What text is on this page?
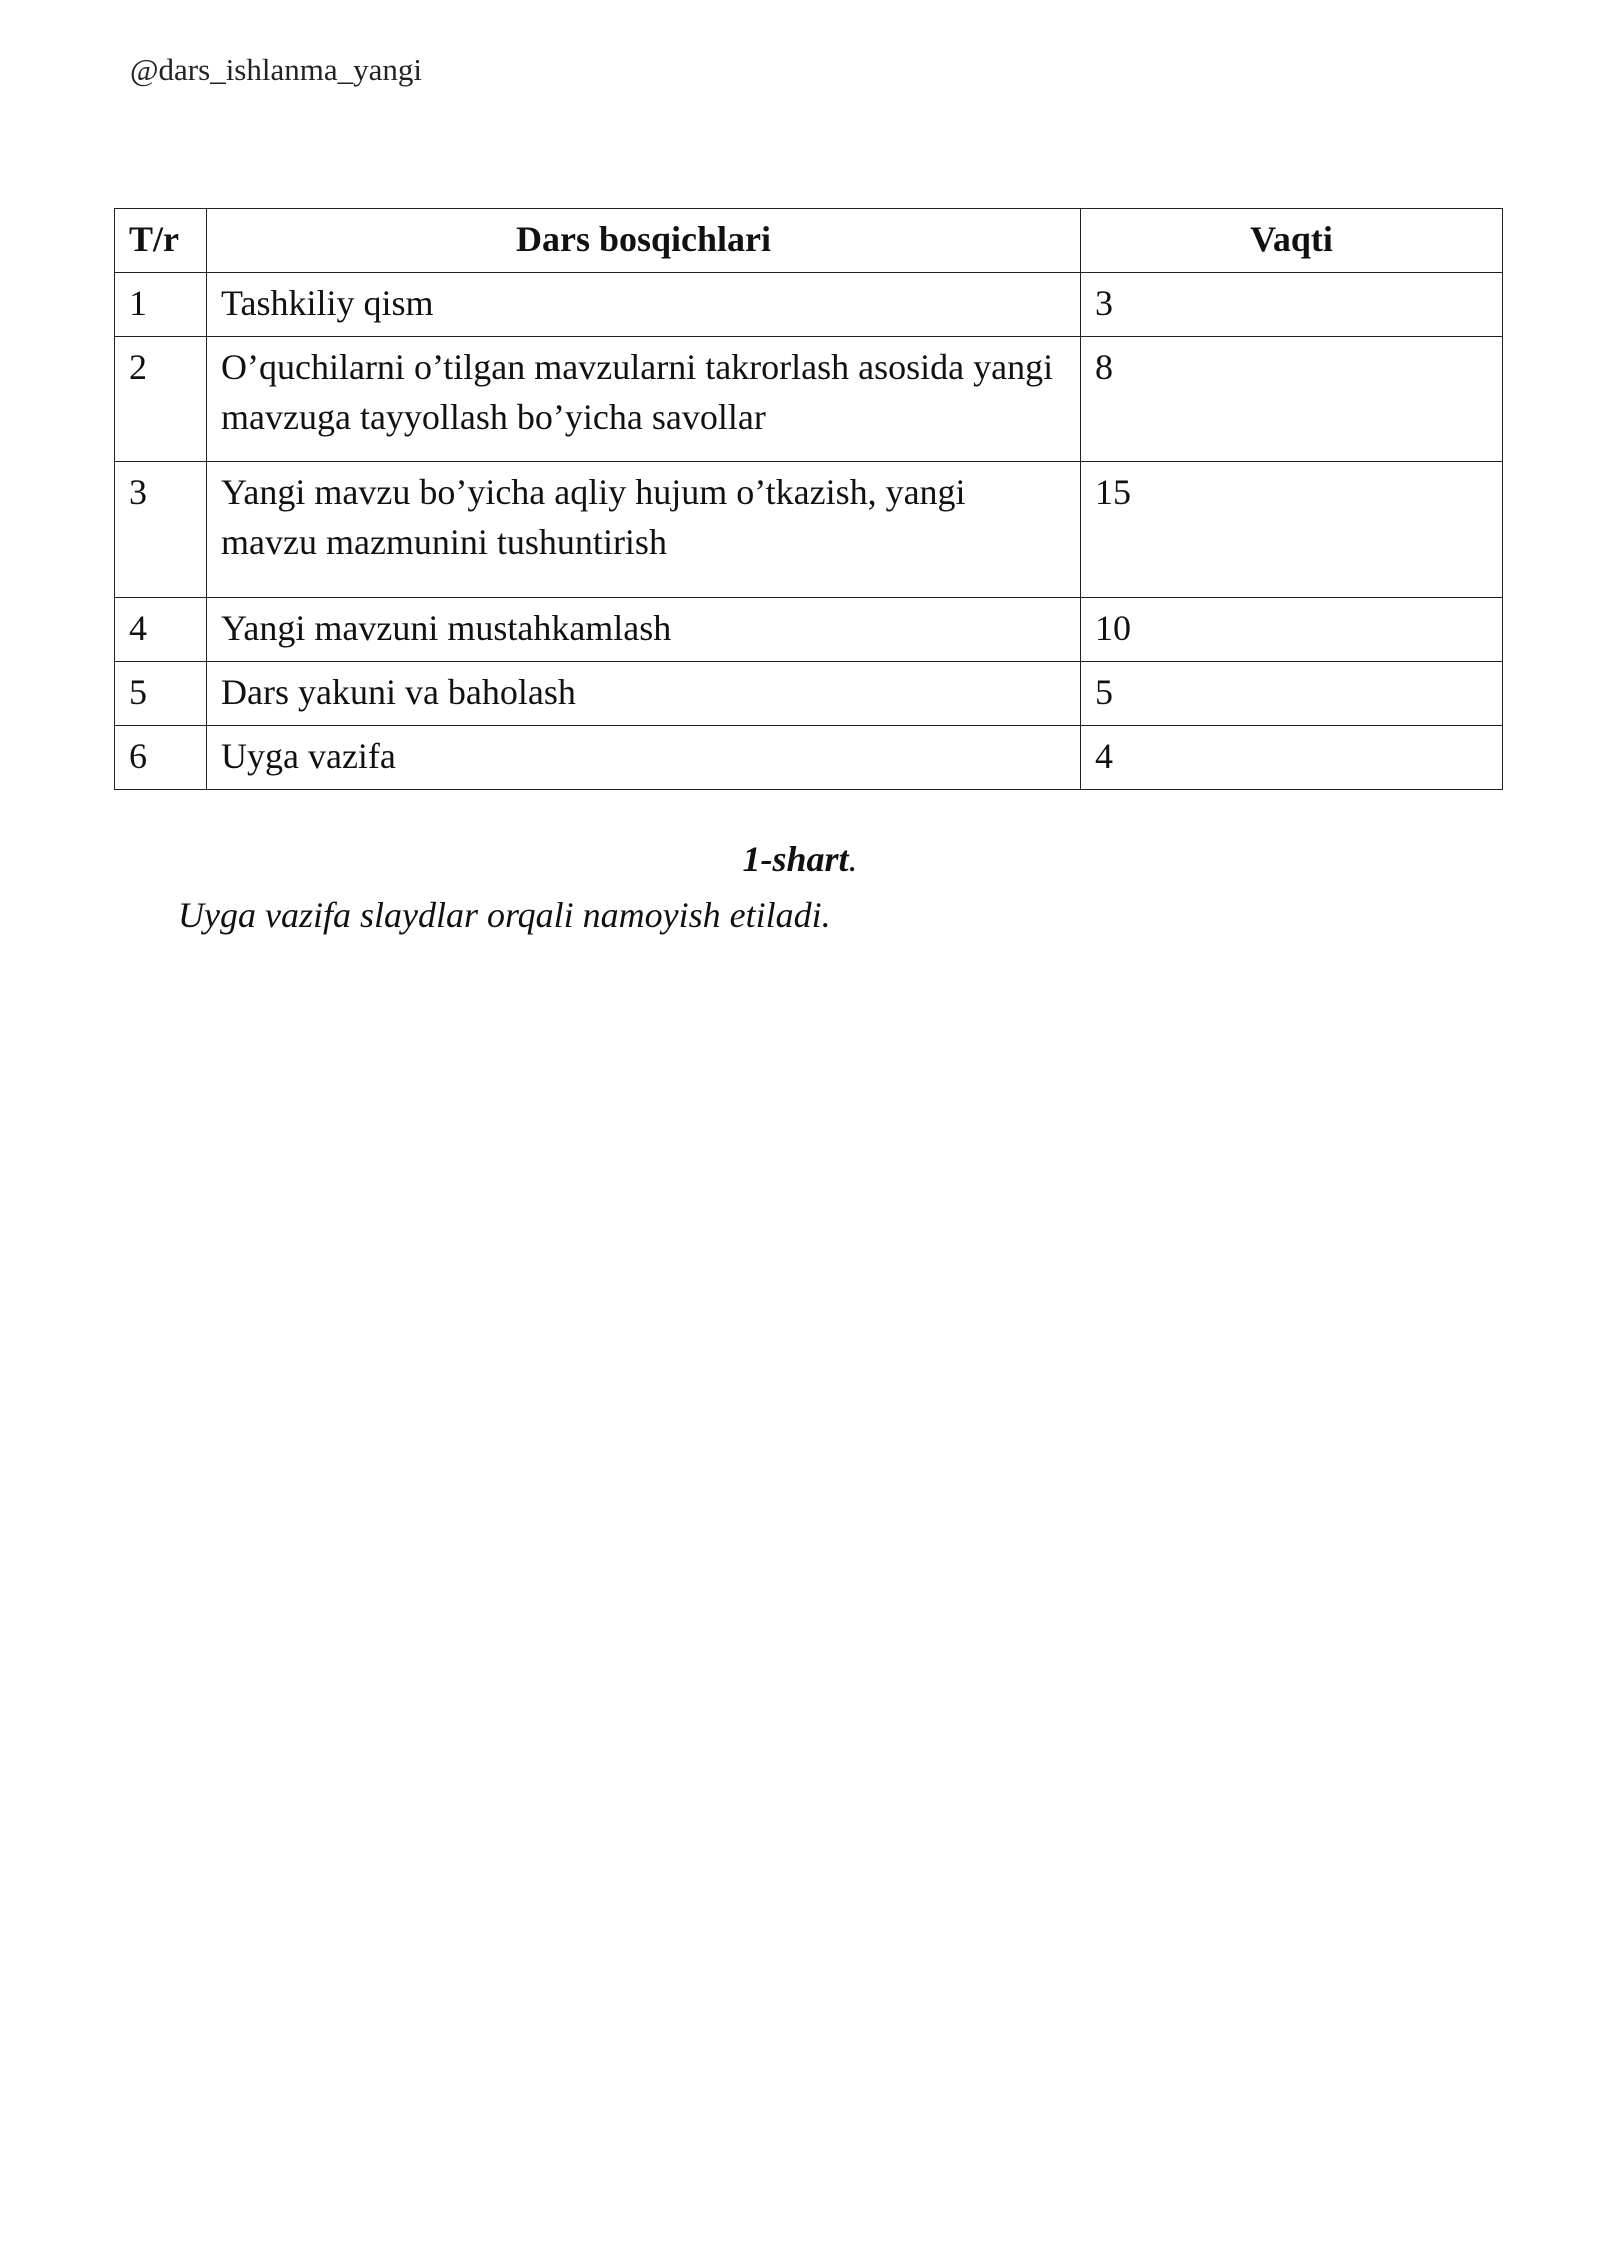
@dars_ishlanma_yangi
T/r	Dars bosqichlari	Vaqti
1	Tashkiliy qism	3
2	O’quchilarni o’tilgan mavzularni takrorlash asosida yangi mavzuga tayyollash bo’yicha savollar	8
3	Yangi mavzu bo’yicha aqliy hujum o’tkazish, yangi mavzu mazmunini tushuntirish	15
4	Yangi mavzuni mustahkamlash	10
5	Dars yakuni va baholash	5
6	Uyga vazifa	4
1-shart.
Uyga vazifa slaydlar orqali namoyish etiladi.
